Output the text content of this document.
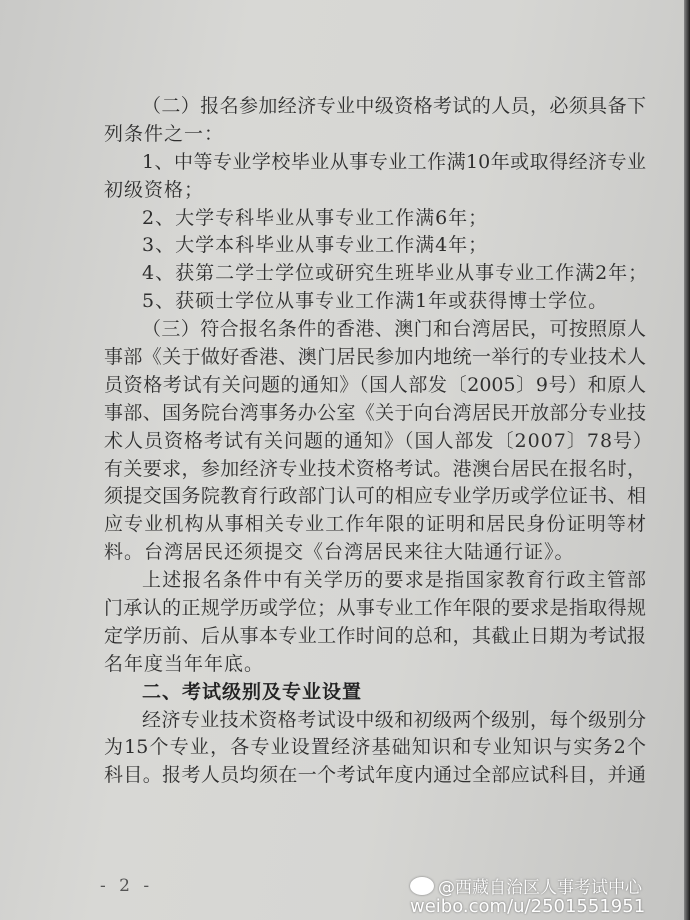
（二）报名参加经济专业中级资格考试的人员，必须具备下
列条件之一：
1、中等专业学校毕业从事专业工作满10年或取得经济专业
初级资格；
2、大学专科毕业从事专业工作满6年；
3、大学本科毕业从事专业工作满4年；
4、获第二学士学位或研究生班毕业从事专业工作满2年；
5、获硕士学位从事专业工作满1年或获得博士学位。
（三）符合报名条件的香港、澳门和台湾居民，可按照原人
事部《关于做好香港、澳门居民参加内地统一举行的专业技术人
员资格考试有关问题的通知》（国人部发〔2005〕9号）和原人
事部、国务院台湾事务办公室《关于向台湾居民开放部分专业技
术人员资格考试有关问题的通知》（国人部发〔2007〕78号）
有关要求，参加经济专业技术资格考试。港澳台居民在报名时，
须提交国务院教育行政部门认可的相应专业学历或学位证书、相
应专业机构从事相关专业工作年限的证明和居民身份证明等材
料。台湾居民还须提交《台湾居民来往大陆通行证》。
上述报名条件中有关学历的要求是指国家教育行政主管部
门承认的正规学历或学位；从事专业工作年限的要求是指取得规
定学历前、后从事本专业工作时间的总和，其截止日期为考试报
名年度当年年底。
二、考试级别及专业设置
经济专业技术资格考试设中级和初级两个级别，每个级别分
为15个专业，各专业设置经济基础知识和专业知识与实务2个
科目。报考人员均须在一个考试年度内通过全部应试科目，并通
- 2 -	@西藏自治区人事考试中心
weibo.com/u/2501551951
